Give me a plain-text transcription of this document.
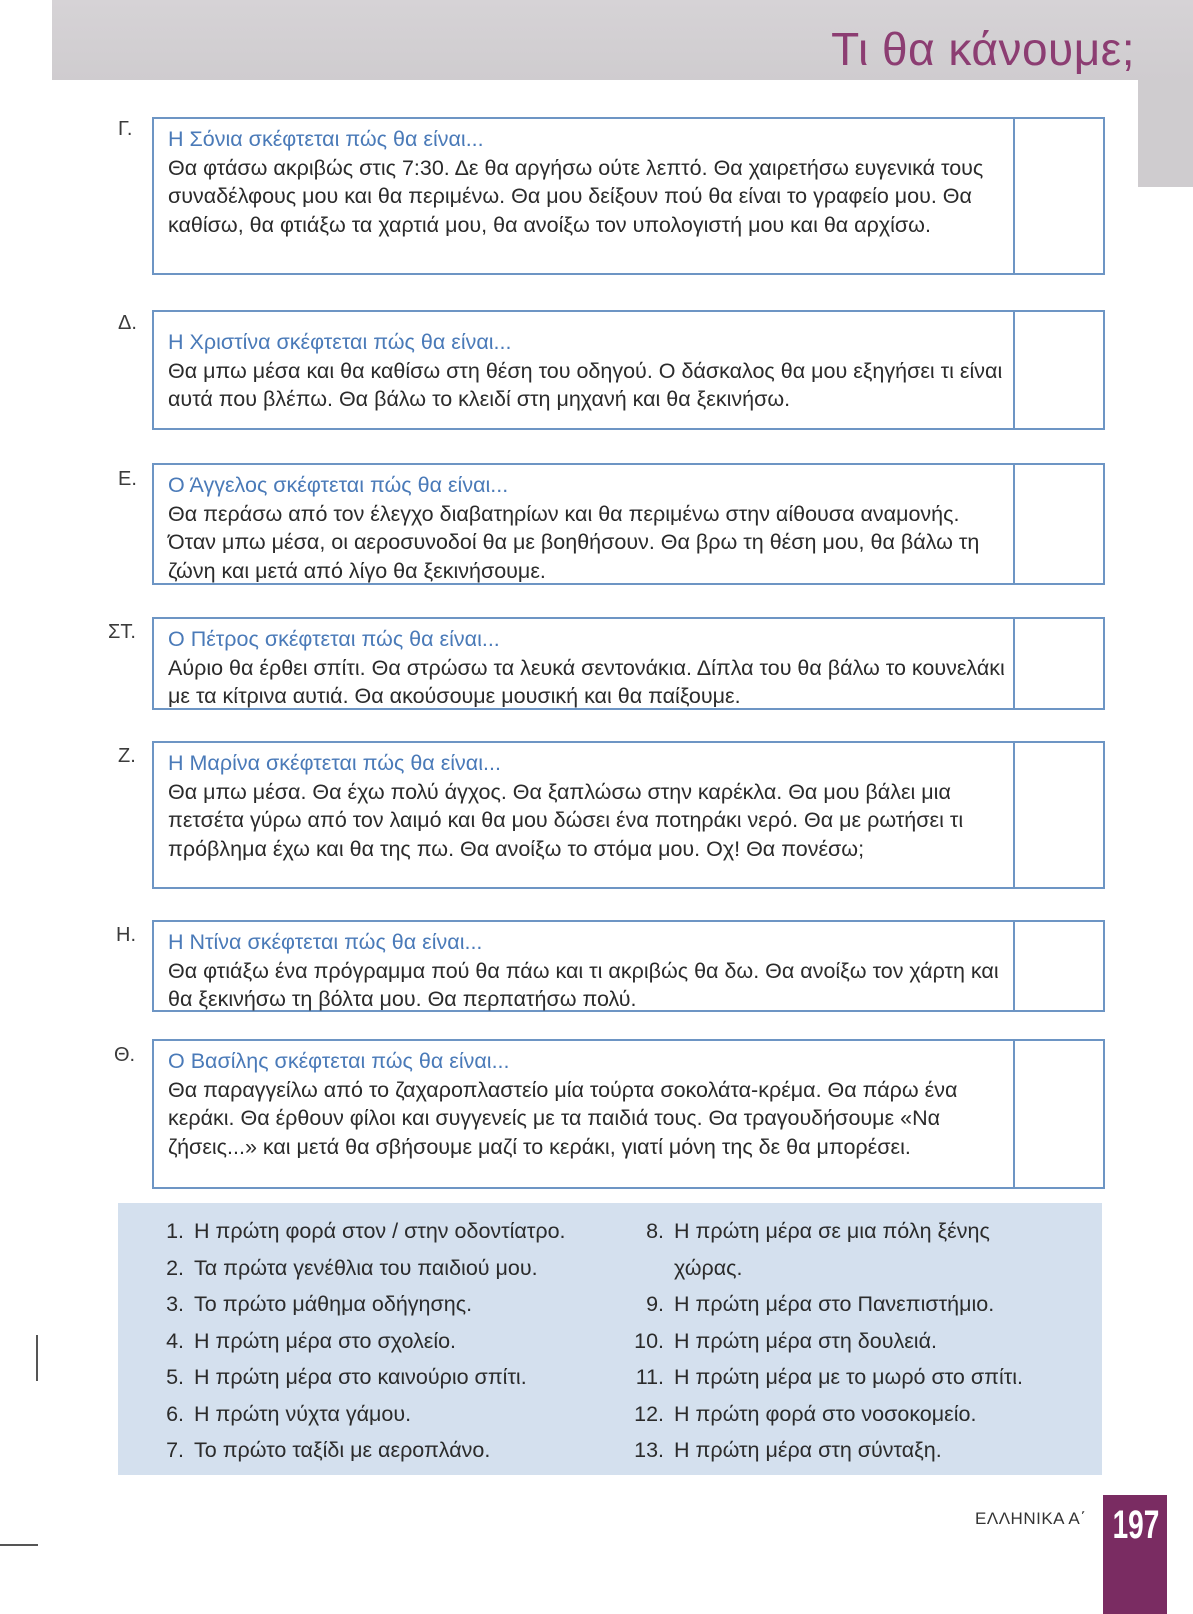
Τι θα κάνουμε;
Γ. Η Σόνια σκέφτεται πώς θα είναι...
Θα φτάσω ακριβώς στις 7:30. Δε θα αργήσω ούτε λεπτό. Θα χαιρετήσω ευγενικά τους συναδέλφους μου και θα περιμένω. Θα μου δείξουν πού θα είναι το γραφείο μου. Θα καθίσω, θα φτιάξω τα χαρτιά μου, θα ανοίξω τον υπολογιστή μου και θα αρχίσω.
Δ.
Η Χριστίνα σκέφτεται πώς θα είναι...
Θα μπω μέσα και θα καθίσω στη θέση του οδηγού. Ο δάσκαλος θα μου εξηγήσει τι είναι αυτά που βλέπω. Θα βάλω το κλειδί στη μηχανή και θα ξεκινήσω.
Ε. Ο Άγγελος σκέφτεται πώς θα είναι...
Θα περάσω από τον έλεγχο διαβατηρίων και θα περιμένω στην αίθουσα αναμονής. Όταν μπω μέσα, οι αεροσυνοδοί θα με βοηθήσουν. Θα βρω τη θέση μου, θα βάλω τη ζώνη και μετά από λίγο θα ξεκινήσουμε.
ΣΤ. Ο Πέτρος σκέφτεται πώς θα είναι...
Αύριο θα έρθει σπίτι. Θα στρώσω τα λευκά σεντονάκια. Δίπλα του θα βάλω το κουνελάκι με τα κίτρινα αυτιά. Θα ακούσουμε μουσική και θα παίξουμε.
Ζ. Η Μαρίνα σκέφτεται πώς θα είναι...
Θα μπω μέσα. Θα έχω πολύ άγχος. Θα ξαπλώσω στην καρέκλα. Θα μου βάλει μια πετσέτα γύρω από τον λαιμό και θα μου δώσει ένα ποτηράκι νερό. Θα με ρωτήσει τι πρόβλημα έχω και θα της πω. Θα ανοίξω το στόμα μου. Οχ! Θα πονέσω;
Η. Η Ντίνα σκέφτεται πώς θα είναι...
Θα φτιάξω ένα πρόγραμμα πού θα πάω και τι ακριβώς θα δω. Θα ανοίξω τον χάρτη και θα ξεκινήσω τη βόλτα μου. Θα περπατήσω πολύ.
Θ. Ο Βασίλης σκέφτεται πώς θα είναι...
Θα παραγγείλω από το ζαχαροπλαστείο μία τούρτα σοκολάτα-κρέμα. Θα πάρω ένα κεράκι. Θα έρθουν φίλοι και συγγενείς με τα παιδιά τους. Θα τραγουδήσουμε «Να ζήσεις...» και μετά θα σβήσουμε μαζί το κεράκι, γιατί μόνη της δε θα μπορέσει.
1. Η πρώτη φορά στον / στην οδοντίατρο.
2. Τα πρώτα γενέθλια του παιδιού μου.
3. Το πρώτο μάθημα οδήγησης.
4. Η πρώτη μέρα στο σχολείο.
5. Η πρώτη μέρα στο καινούριο σπίτι.
6. Η πρώτη νύχτα γάμου.
7. Το πρώτο ταξίδι με αεροπλάνο.
8. Η πρώτη μέρα σε μια πόλη ξένης χώρας.
9. Η πρώτη μέρα στο Πανεπιστήμιο.
10. Η πρώτη μέρα στη δουλειά.
11. Η πρώτη μέρα με το μωρό στο σπίτι.
12. Η πρώτη φορά στο νοσοκομείο.
13. Η πρώτη μέρα στη σύνταξη.
ΕΛΛΗΝΙΚΑ Α΄ 197
